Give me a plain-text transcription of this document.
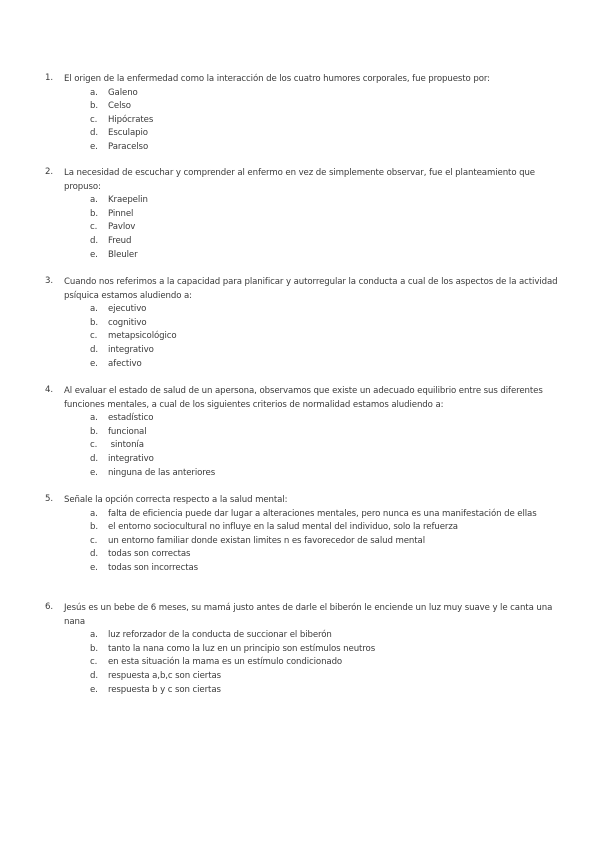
1.	El origen de la enfermedad como la interacción de los cuatro humores corporales, fue propuesto por:
a. Galeno
b. Celso
c. Hipócrates
d. Esculapio
e. Paracelso
2.	La necesidad de escuchar y comprender al enfermo en vez de simplemente observar, fue el planteamiento que propuso:
a. Kraepelin
b. Pinnel
c. Pavlov
d. Freud
e. Bleuler
3.	Cuando nos referimos a la capacidad para planificar y autorregular la conducta a cual de los aspectos de la actividad psíquica estamos aludiendo a:
a. ejecutivo
b. cognitivo
c. metapsicológico
d. integrativo
e. afectivo
4.	Al evaluar el estado de salud de un apersona, observamos que existe un adecuado equilibrio entre sus diferentes funciones mentales, a cual de los siguientes criterios de normalidad estamos aludiendo a:
a. estadístico
b. funcional
c. sintonía
d. integrativo
e. ninguna de las anteriores
5.	Señale la opción correcta respecto a la salud mental:
a. falta de eficiencia puede dar lugar a alteraciones mentales, pero nunca es una manifestación de ellas
b. el entorno sociocultural no influye en la salud mental del individuo, solo la refuerza
c. un entorno familiar donde existan limites n es favorecedor de salud mental
d. todas son correctas
e. todas son incorrectas
6.	Jesús es un bebe de 6 meses, su mamá justo antes de darle el biberón le enciende un luz muy suave y le canta una nana
a. luz reforzador de la conducta de succionar el biberón
b. tanto la nana como la luz en un principio son estímulos neutros
c. en esta situación la mama es un estímulo condicionado
d. respuesta a,b,c son ciertas
e. respuesta b y c son ciertas
